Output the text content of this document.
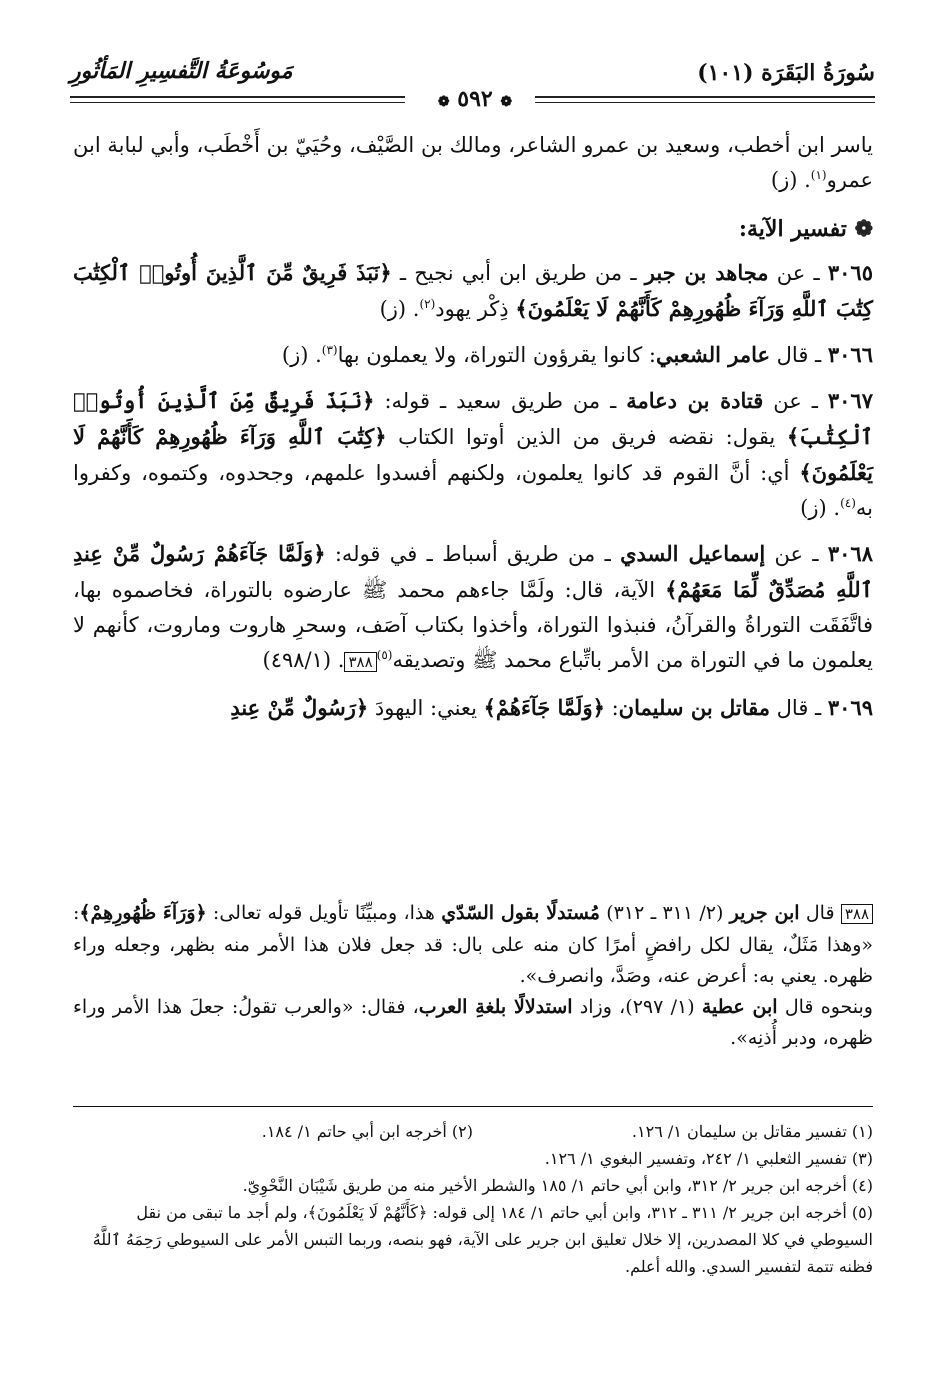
سُورَةُ البَقَرَة (١٠١)
مَوسُوعَةُ التَّفسِيرِ المَأثُورِ
❁ ٥٩٢ ❁

ياسر ابن أخطب، وسعيد بن عمرو الشاعر، ومالك بن الصَّيْف، وحُيَيّ بن أَخْطَب، وأبي لبابة ابن عمرو$^{(١)}$. (ز)

❁ تفسير الآية:

٣٠٦٥ ـ عن مجاهد بن جبر ـ من طريق ابن أبي نجيح ـ ﴿نَبَذَ فَرِيقٌ مِّنَ ٱلَّذِينَ أُوتُوا۟ ٱلْكِتَٰبَ كِتَٰبَ ٱللَّهِ وَرَآءَ ظُهُورِهِمْ كَأَنَّهُمْ لَا يَعْلَمُونَ﴾ ذِكْر يهود$^{(٢)}$. (ز)

٣٠٦٦ ـ قال عامر الشعبي: كانوا يقرؤون التوراة، ولا يعملون بها$^{(٣)}$. (ز)

٣٠٦٧ ـ عن قتادة بن دعامة ـ من طريق سعيد ـ قوله: ﴿نَبَذَ فَرِيقٌ مِّنَ ٱلَّذِينَ أُوتُوا۟ ٱلْكِتَٰبَ﴾ يقول: نقضه فريق من الذين أوتوا الكتاب ﴿كِتَٰبَ ٱللَّهِ وَرَآءَ ظُهُورِهِمْ كَأَنَّهُمْ لَا يَعْلَمُونَ﴾ أي: أنَّ القوم قد كانوا يعلمون، ولكنهم أفسدوا علمهم، وجحدوه، وكتموه، وكفروا به$^{(٤)}$. (ز)

٣٠٦٨ ـ عن إسماعيل السدي ـ من طريق أسباط ـ في قوله: ﴿وَلَمَّا جَآءَهُمْ رَسُولٌ مِّنْ عِندِ ٱللَّهِ مُصَدِّقٌ لِّمَا مَعَهُمْ﴾ الآية، قال: ولَمَّا جاءهم محمد ﷺ عارضوه بالتوراة، فخاصموه بها، فاتَّفَقَت التوراةُ والقرآنُ، فنبذوا التوراة، وأخذوا بكتاب آصَف، وسحرِ هاروت وماروت، كأنهم لا يعلمون ما في التوراة من الأمر باتِّباع محمد ﷺ وتصديقه$^{(٥)}$٣٨٨. (٤٩٨/١)

٣٠٦٩ ـ قال مقاتل بن سليمان: ﴿وَلَمَّا جَآءَهُمْ﴾ يعني: اليهودَ ﴿رَسُولٌ مِّنْ عِندِ

٣٨٨ قال ابن جرير (٢/ ٣١١ ـ ٣١٢) مُستدلًا بقول السّدّي هذا، ومبيِّنًا تأويل قوله تعالى: ﴿وَرَآءَ ظُهُورِهِمْ﴾: «وهذا مَثَلٌ، يقال لكل رافضٍ أمرًا كان منه على بال: قد جعل فلان هذا الأمر منه بظهر، وجعله وراء ظهره. يعني به: أعرض عنه، وصَدَّ، وانصرف».

وبنحوه قال ابن عطية (١/ ٢٩٧)، وزاد استدلالًا بلغةِ العرب، فقال: «والعرب تقولُ: جعلَ هذا الأمر وراء ظهره، ودبر أُذنِه».

(١) تفسير مقاتل بن سليمان ١/ ١٢٦.
(٢) أخرجه ابن أبي حاتم ١/ ١٨٤.

(٣) تفسير الثعلبي ١/ ٢٤٢، وتفسير البغوي ١/ ١٢٦.

(٤) أخرجه ابن جرير ٢/ ٣١٢، وابن أبي حاتم ١/ ١٨٥ والشطر الأخير منه من طريق شَيْبَان النَّحْوِيّ.

(٥) أخرجه ابن جرير ٢/ ٣١١ ـ ٣١٢، وابن أبي حاتم ١/ ١٨٤ إلى قوله: ﴿كَأَنَّهُمْ لَا يَعْلَمُونَ﴾، ولم أجد ما تبقى من نقل السيوطي في كلا المصدرين، إلا خلال تعليق ابن جرير على الآية، فهو بنصه، وربما التبس الأمر على السيوطي رَحِمَهُ ٱللَّهُ فظنه تتمة لتفسير السدي. والله أعلم.
